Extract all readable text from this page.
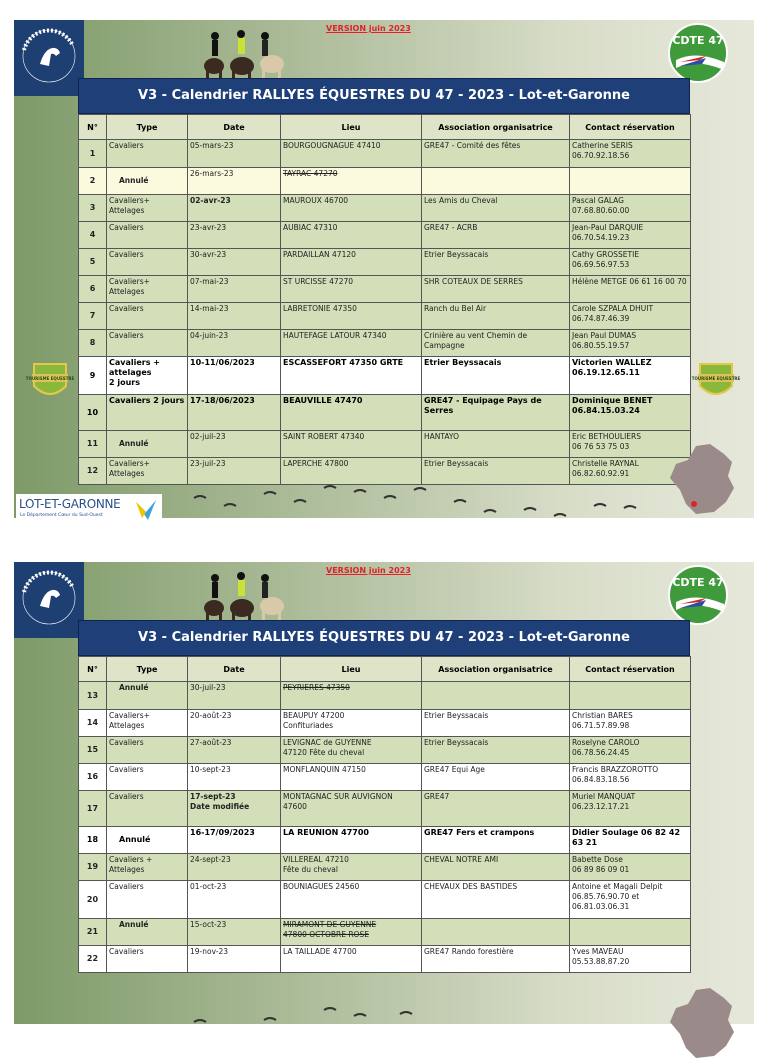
VERSION juin 2023
CDTE 47
V3 - Calendrier RALLYES ÉQUESTRES DU 47 - 2023 - Lot-et-Garonne
N°	Type	Date	Lieu	Association organisatrice	Contact réservation
1	Cavaliers	05-mars-23	BOURGOUGNAGUE 47410	GRE47 - Comité des fêtes	Catherine SERIS
06.70.92.18.56
2	Annulé	26-mars-23	TAYRAC 47270		
3	Cavaliers+
Attelages	02-avr-23	MAUROUX 46700	Les Amis du Cheval	Pascal GALAG
07.68.80.60.00
4	Cavaliers	23-avr-23	AUBIAC 47310	GRE47 - ACRB	Jean-Paul DARQUIE
06.70.54.19.23
5	Cavaliers	30-avr-23	PARDAILLAN 47120	Etrier Beyssacais	Cathy GROSSETIE
06.69.56.97.53
6	Cavaliers+
Attelages	07-mai-23	ST URCISSE 47270	SHR COTEAUX DE SERRES	Hélène METGE 06 61 16 00 70
7	Cavaliers	14-mai-23	LABRETONIE 47350	Ranch du Bel Air	Carole SZPALA DHUIT
06.74.87.46.39
8	Cavaliers	04-juin-23	HAUTEFAGE LATOUR 47340	Crinière au vent Chemin de Campagne	Jean Paul DUMAS
06.80.55.19.57
9	Cavaliers + attelages
2 jours	10-11/06/2023	ESCASSEFORT 47350 GRTE	Etrier Beyssacais	Victorien WALLEZ
06.19.12.65.11
10	Cavaliers 2 jours	17-18/06/2023	BEAUVILLE 47470	GRE47 - Equipage Pays de Serres	Dominique BENET
06.84.15.03.24
11	Annulé	02-juil-23	SAINT ROBERT 47340	HANTAYO	Eric BETHOULIERS
06 76 53 75 03
12	Cavaliers+
Attelages	23-juil-23	LAPERCHE 47800	Etrier Beyssacais	Christelle RAYNAL
06.82.60.92.91
TOURISME EQUESTRE	TOURISME EQUESTRE
LOT-ET-GARONNE
Le Département Cœur du Sud-Ouest
VERSION juin 2023
CDTE 47
V3 - Calendrier RALLYES ÉQUESTRES DU 47 - 2023 - Lot-et-Garonne
N°	Type	Date	Lieu	Association organisatrice	Contact réservation
13	Annulé	30-juil-23	PEYRIERES 47350		
14	Cavaliers+
Attelages	20-août-23	BEAUPUY 47200
Confituriades	Etrier Beyssacais	Christian BARES
06.71.57.89.98
15	Cavaliers	27-août-23	LEVIGNAC de GUYENNE
47120 Fête du cheval	Etrier Beyssacais	Roselyne CAROLO
06.78.56.24.45
16	Cavaliers	10-sept-23	MONFLANQUIN 47150	GRE47 Equi Age	Francis BRAZZOROTTO
06.84.83.18.56
17	Cavaliers	17-sept-23
Date modifiée	MONTAGNAC SUR AUVIGNON
47600	GRE47	Muriel MANQUAT
06.23.12.17.21
18	Annulé	16-17/09/2023	LA REUNION 47700	GRE47 Fers et crampons	Didier Soulage 06 82 42 63 21
19	Cavaliers +
Attelages	24-sept-23	VILLEREAL 47210
Fête du cheval	CHEVAL NOTRE AMI	Babette Dose
06 89 86 09 01
20	Cavaliers	01-oct-23	BOUNIAGUES 24560	CHEVAUX DES BASTIDES	Antoine et Magali Delpit
06.85.76.90.70 et
06.81.03.06.31
21	Annulé	15-oct-23	MIRAMONT DE GUYENNE
47800 OCTOBRE ROSE		
22	Cavaliers	19-nov-23	LA TAILLADE 47700	GRE47 Rando forestière	Yves MAVEAU
05.53.88.87.20
